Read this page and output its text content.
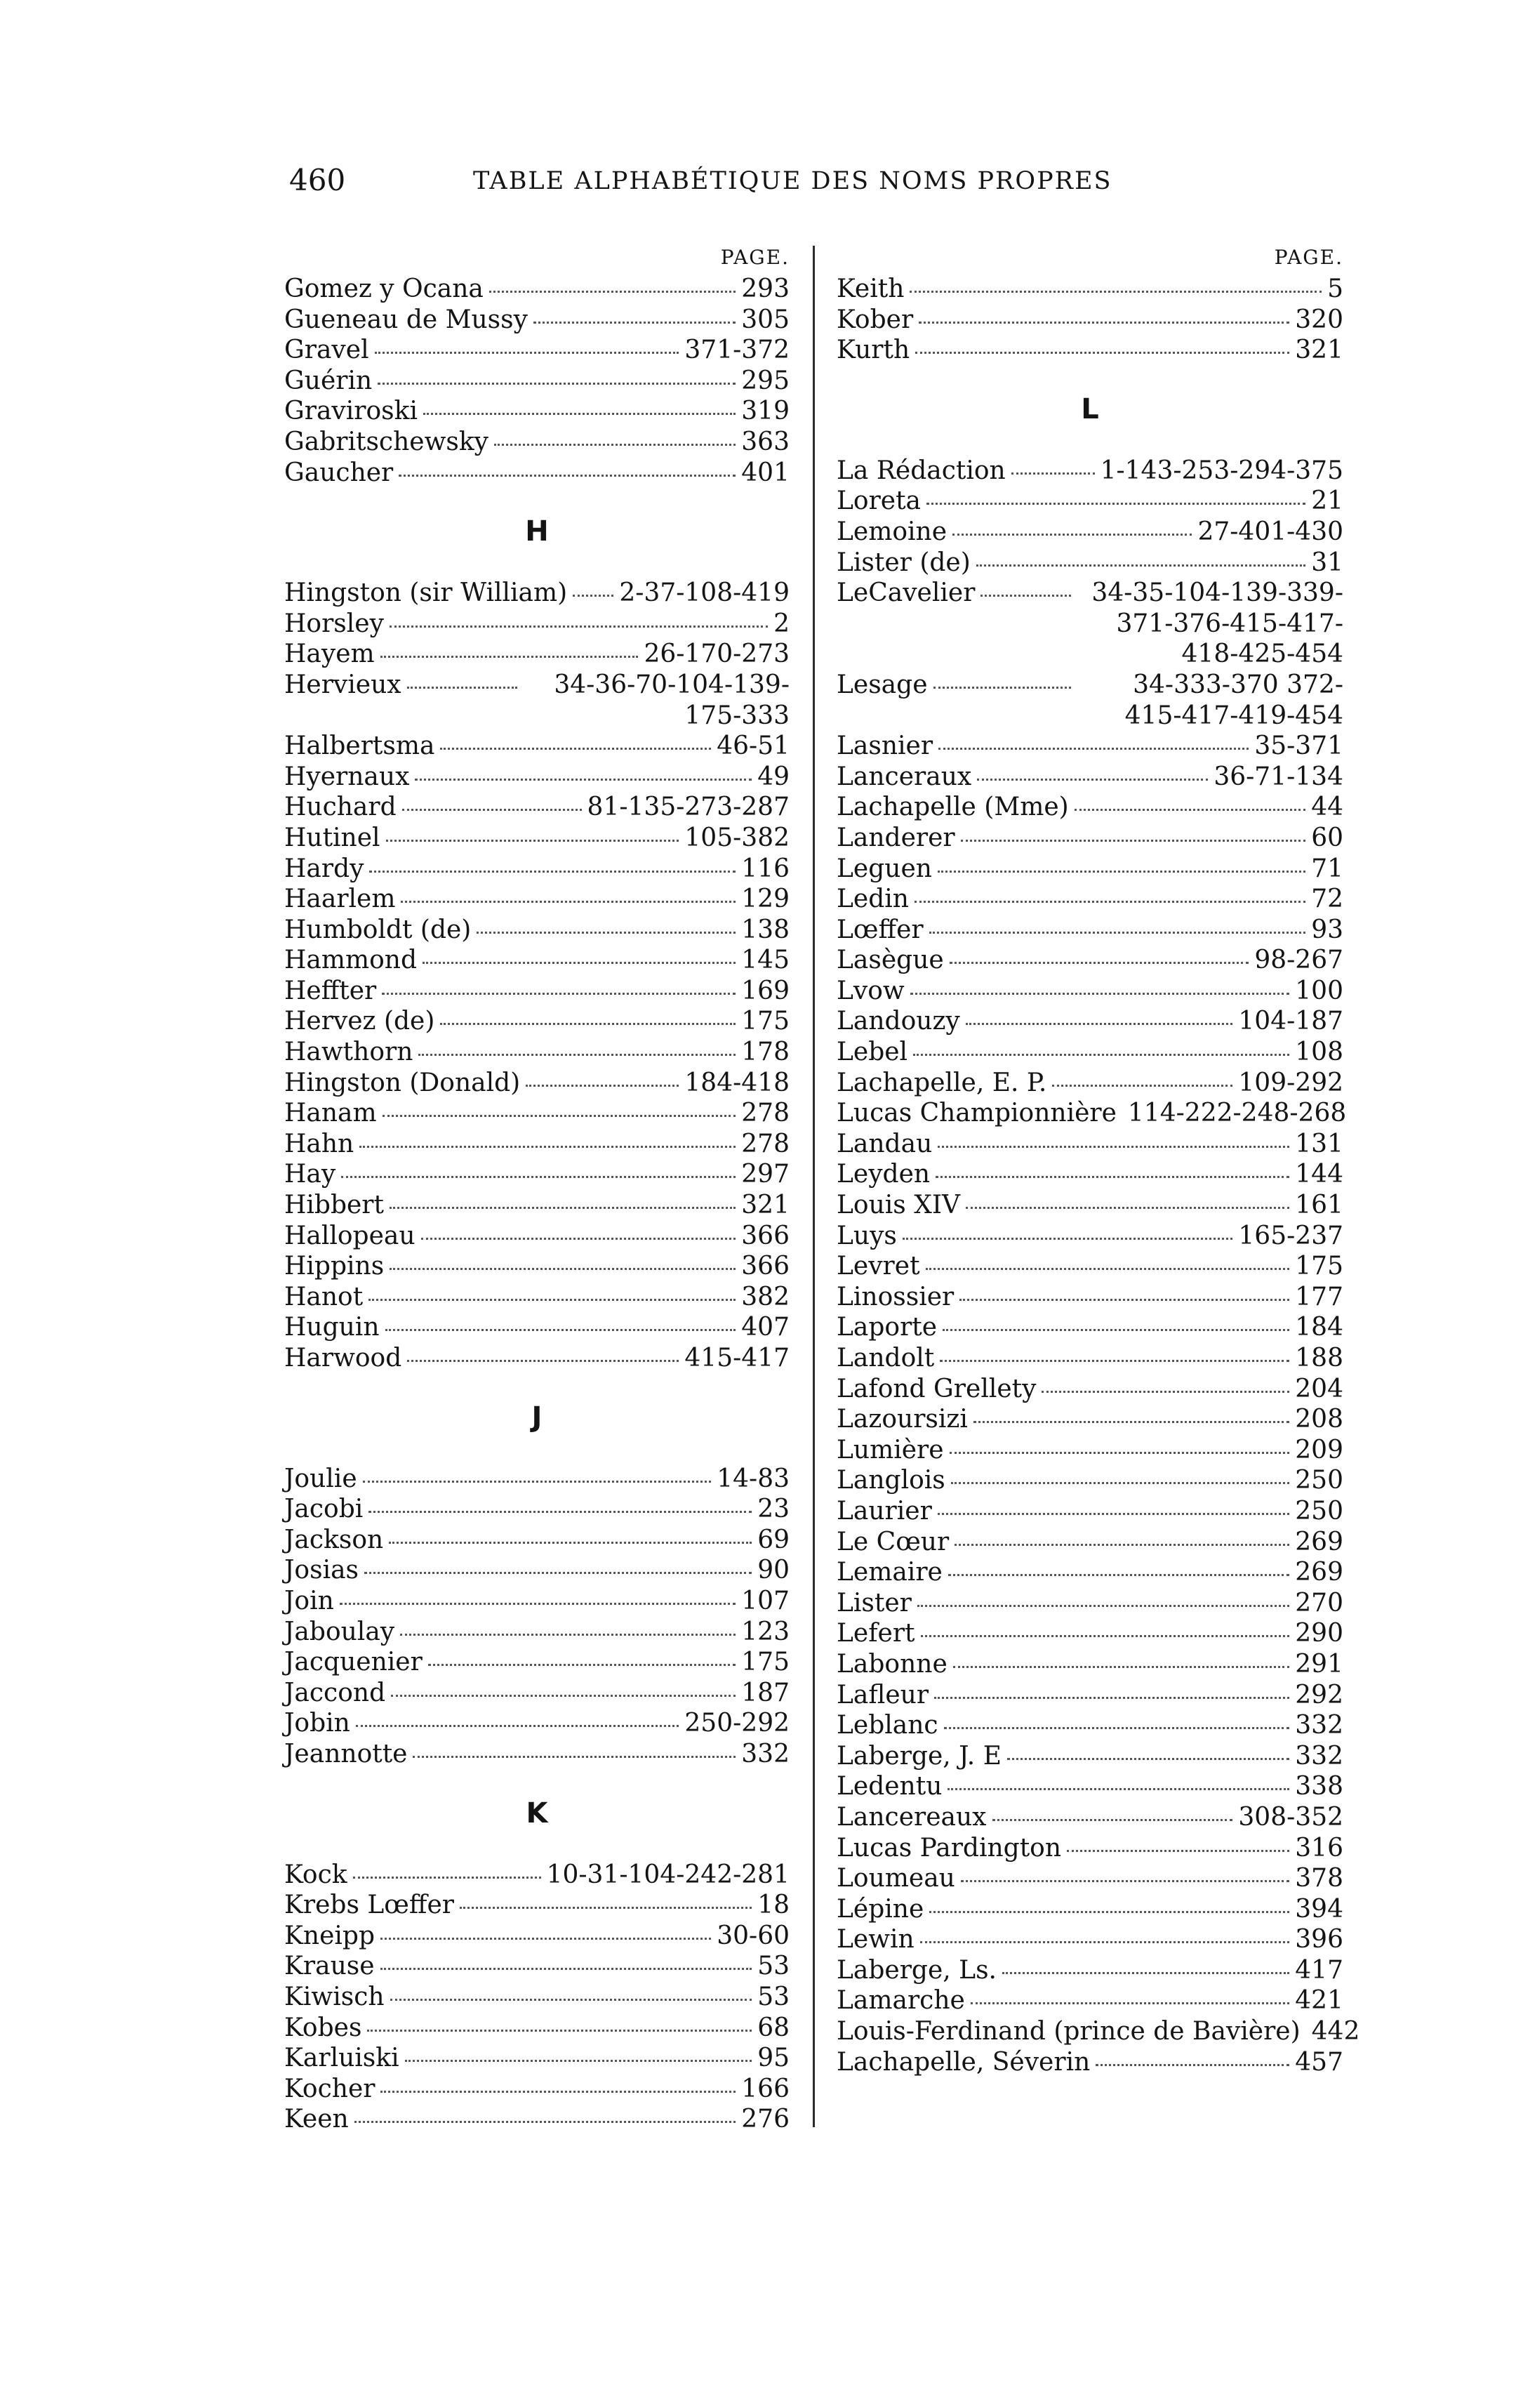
460	TABLE ALPHABÉTIQUE DES NOMS PROPRES
PAGE.
Gomez y Ocana	293
Gueneau de Mussy	305
Gravel	371-372
Guérin	295
Graviroski	319
Gabritschewsky	363
Gaucher	401
H
Hingston (sir William) 2-37-108-419
Horsley	2
Hayem	26-170-273
Hervieux	34-36-70-104-139-175-333
Halbertsma	46-51
Hyernaux	49
Huchard	81-135-273-287
Hutinel	105-382
Hardy	116
Haarlem	129
Humboldt (de)	138
Hammond	145
Heffter	169
Hervez (de)	175
Hawthorn	178
Hingston (Donald)	184-418
Hanam	278
Hahn	278
Hay	297
Hibbert	321
Hallopeau	366
Hippins	366
Hanot	382
Huguin	407
Harwood	415-417
J
Joulie	14-83
Jacobi	23
Jackson	69
Josias	90
Join	107
Jaboulay	123
Jacquenier	175
Jaccond	187
Jobin	250-292
Jeannotte	332
K
Kock	10-31-104-242-281
Krebs Lœffer	18
Kneipp	30-60
Krause	53
Kiwisch	53
Kobes	68
Karluiski	95
Kocher	166
Keen	276
PAGE.
Keith	5
Kober	320
Kurth	321
L
La Rédaction	1-143-253-294-375
Loreta	21
Lemoine	27-401-430
Lister (de)	31
LeCavelier	34-35-104-139-339-371-376-415-417-418-425-454
Lesage	34-333-370 372-415-417-419-454
Lasnier	35-371
Lanceraux	36-71-134
Lachapelle (Mme)	44
Landerer	60
Leguen	71
Ledin	72
Lœffer	93
Lasègue	98-267
Lvow	100
Landouzy	104-187
Lebel	108
Lachapelle, E. P.	109-292
Lucas Championnière 114-222-248-268
Landau	131
Leyden	144
Louis XIV	161
Luys	165-237
Levret	175
Linossier	177
Laporte	184
Landolt	188
Lafond Grellety	204
Lazoursizi	208
Lumière	209
Langlois	250
Laurier	250
Le Cœur	269
Lemaire	269
Lister	270
Lefert	290
Labonne	291
Lafleur	292
Leblanc	332
Laberge, J. E	332
Ledentu	338
Lancereaux	308-352
Lucas Pardington	316
Loumeau	378
Lépine	394
Lewin	396
Laberge, Ls.	417
Lamarche	421
Louis-Ferdinand (prince de Bavière) 442
Lachapelle, Séverin	457
